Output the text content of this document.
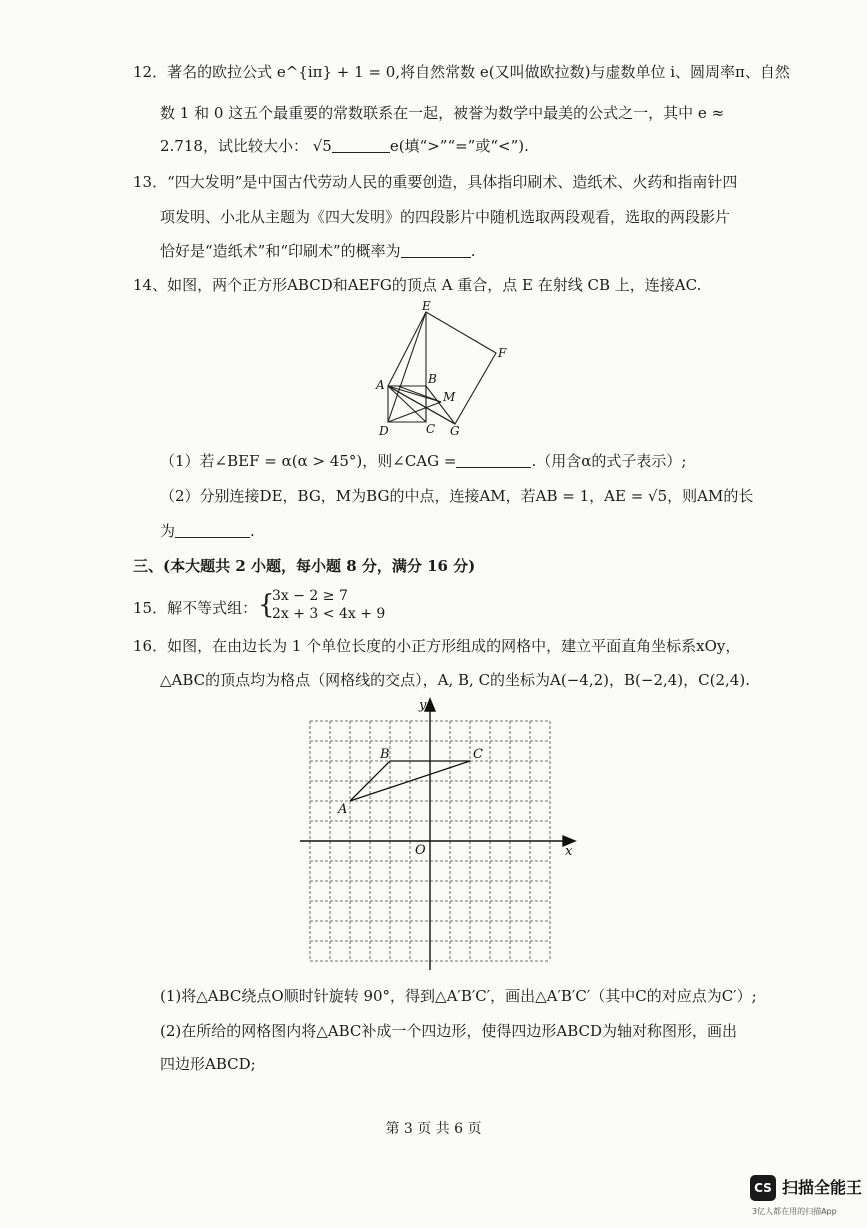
12．著名的欧拉公式 e^{iπ} + 1 = 0,将自然常数 e(又叫做欧拉数)与虚数单位 i、圆周率π、自然
数 1 和 0 这五个最重要的常数联系在一起，被誉为数学中最美的公式之一，其中 e ≈
2.718，试比较大小： √5	e(填“>”“=”或“<”).
13．“四大发明”是中国古代劳动人民的重要创造，具体指印刷术、造纸术、火药和指南针四
项发明、小北从主题为《四大发明》的四段影片中随机选取两段观看，选取的两段影片
恰好是“造纸术”和“印刷术”的概率为	.
14、如图，两个正方形ABCD和AEFG的顶点 A 重合，点 E 在射线 CB 上，连接AC.
E
F
A	B
M
D	C G
（1）若∠BEF = α(α > 45°)，则∠CAG =	.（用含α的式子表示）;
（2）分别连接DE，BG，M为BG的中点，连接AM，若AB = 1，AE = √5，则AM的长
为	.
三、(本大题共 2 小题，每小题 8 分，满分 16 分)
15．解不等式组： {
3x − 2 ≥ 7
2x + 3 < 4x + 9
16．如图，在由边长为 1 个单位长度的小正方形组成的网格中，建立平面直角坐标系xOy，
△ABC的顶点均为格点（网格线的交点），A, B, C的坐标为A(−4,2)，B(−2,4)，C(2,4).
x
y
O
A
B	C
(1)将△ABC绕点O顺时针旋转 90°，得到△A′B′C′，画出△A′B′C′（其中C的对应点为C′）;
(2)在所给的网格图内将△ABC补成一个四边形，使得四边形ABCD为轴对称图形，画出
四边形ABCD;
第 3 页 共 6 页
CS 扫描全能王
3亿人都在用的扫描App
